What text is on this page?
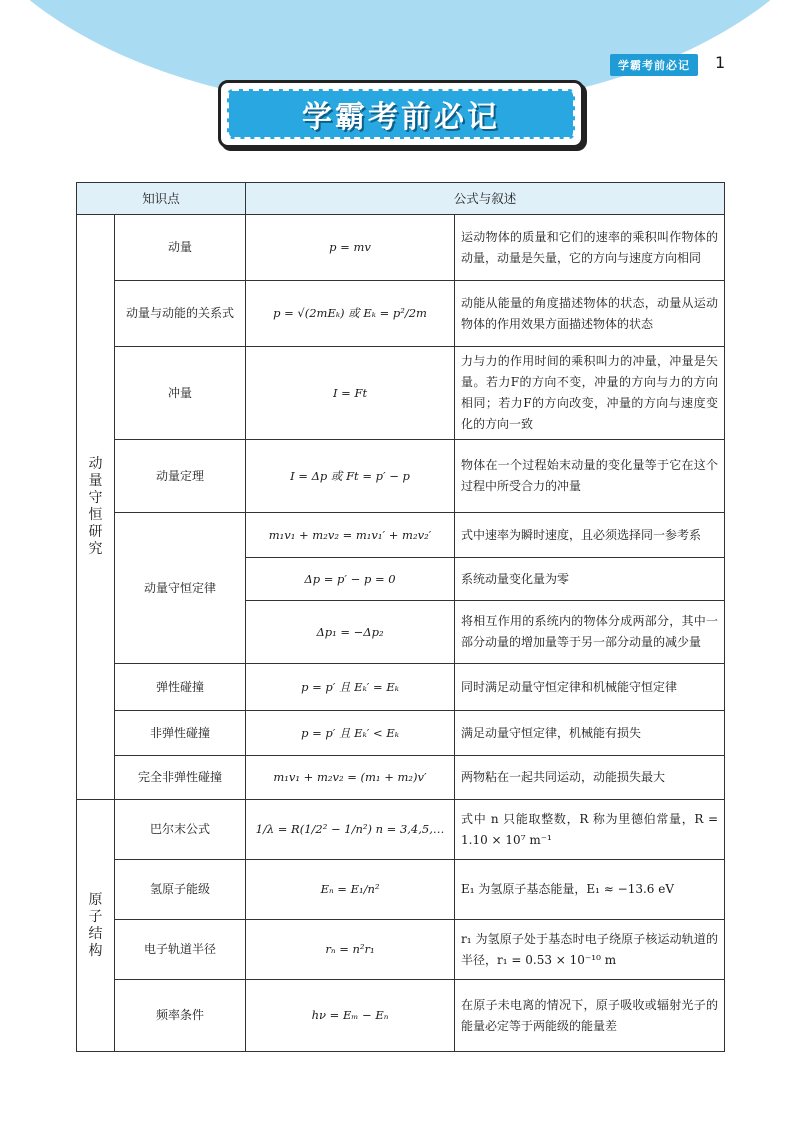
学霸考前必记	1
学霸考前必记
知识点		公式与叙述	
动量守恒研究	动量	p = mv	运动物体的质量和它们的速率的乘积叫作物体的动量，动量是矢量，它的方向与速度方向相同
	动量与动能的关系式	p = √(2mEₖ) 或 Eₖ = p²/2m	动能从能量的角度描述物体的状态，动量从运动物体的作用效果方面描述物体的状态
	冲量	I = Ft	力与力的作用时间的乘积叫力的冲量，冲量是矢量。若力F的方向不变，冲量的方向与力的方向相同；若力F的方向改变，冲量的方向与速度变化的方向一致
	动量定理	I = Δp 或 Ft = p′ − p	物体在一个过程始末动量的变化量等于它在这个过程中所受合力的冲量
	动量守恒定律	m₁v₁ + m₂v₂ = m₁v₁′ + m₂v₂′	式中速率为瞬时速度，且必须选择同一参考系
		Δp = p′ − p = 0	系统动量变化量为零
		Δp₁ = −Δp₂	将相互作用的系统内的物体分成两部分，其中一部分动量的增加量等于另一部分动量的减少量
	弹性碰撞	p = p′ 且 Eₖ′ = Eₖ	同时满足动量守恒定律和机械能守恒定律
	非弹性碰撞	p = p′ 且 Eₖ′ < Eₖ	满足动量守恒定律，机械能有损失
	完全非弹性碰撞	m₁v₁ + m₂v₂ = (m₁ + m₂)v′	两物粘在一起共同运动，动能损失最大
原子结构	巴尔末公式	1/λ = R(1/2² − 1/n²) n = 3,4,5,…	式中 n 只能取整数，R 称为里德伯常量，R = 1.10 × 10⁷ m⁻¹
	氢原子能级	Eₙ = E₁/n²	E₁ 为氢原子基态能量，E₁ ≈ −13.6 eV
	电子轨道半径	rₙ = n²r₁	r₁ 为氢原子处于基态时电子绕原子核运动轨道的半径，r₁ = 0.53 × 10⁻¹⁰ m
	频率条件	hν = Eₘ − Eₙ	在原子未电离的情况下，原子吸收或辐射光子的能量必定等于两能级的能量差
